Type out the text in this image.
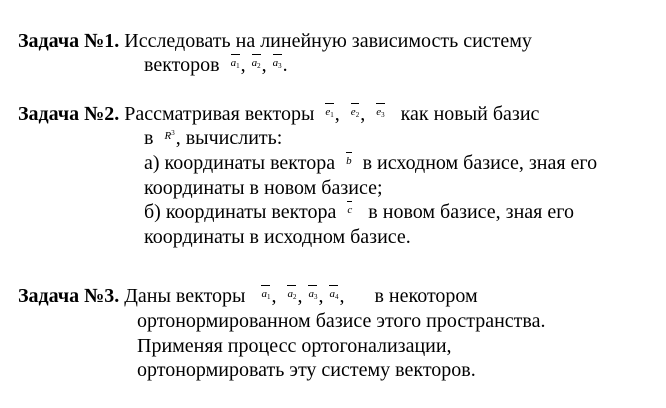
Задача №1. Исследовать на линейную зависимость систему
векторов $a_1$, $a_2$, $a_3$.
Задача №2. Рассматривая векторы $e_1$, $e_2$, $e_3$ как новый базис
в $R^3$, вычислить:
а) координаты вектора b в исходном базисе, зная его
координаты в новом базисе;
б) координаты вектора c в новом базисе, зная его
координаты в исходном базисе.
Задача №3. Даны векторы $a_1$, $a_2$, $a_3$, $a_4$, в некотором
ортонормированном базисе этого пространства.
Применяя процесс ортогонализации,
ортонормировать эту систему векторов.
